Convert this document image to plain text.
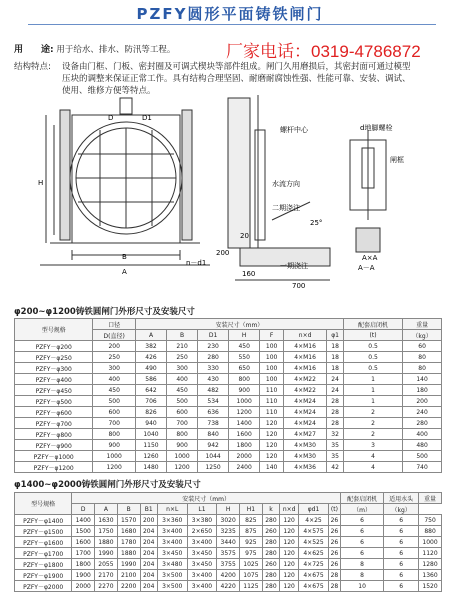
PZFY圆形平面铸铁闸门
用　　途: 用于给水、排水、防汛等工程。	厂家电话：0319-4786872
结构特点: 设备由门框、门板、密封圈及可调式楔块等部件组成。闸门久用磨损后，其密封面可通过模型
压块的调整来保证正常工作。具有结构合理坚固、耐磨耐腐蚀性强、性能可靠、安装、调试、
使用、维修方便等特点。
B
A
H
n－d1
D	D1
螺杆中心
水流方向
二期浇注
一期浇注
25°
20
200
160
700
d地脚螺栓
闸框
A－A
A×A
φ200~φ1200铸铁圆闸门外形尺寸及安装尺寸
型号规格	口径	安装尺寸（mm）							配套启闭机	重量
	D(直径)	A	B	D1	H	F	n×d	φ1	(t)	（kg）
PZFY－φ200	200	382	210	230	450	100	4×M16	18	0.5	60
PZFY－φ250	250	426	250	280	550	100	4×M16	18	0.5	80
PZFY－φ300	300	490	300	330	650	100	4×M16	18	0.5	80
PZFY－φ400	400	586	400	430	800	100	4×M22	24	1	140
PZFY－φ450	450	642	450	482	900	110	4×M22	24	1	180
PZFY－φ500	500	706	500	534	1000	110	4×M24	28	1	200
PZFY－φ600	600	826	600	636	1200	110	4×M24	28	2	240
PZFY－φ700	700	940	700	738	1400	120	4×M24	28	2	280
PZFY－φ800	800	1040	800	840	1600	120	4×M27	32	2	400
PZFY－φ900	900	1150	900	942	1800	120	4×M30	35	3	480
PZFY－φ1000	1000	1260	1000	1044	2000	120	4×M30	35	4	500
PZFY－φ1200	1200	1480	1200	1250	2400	140	4×M36	42	4	740
φ1400~φ2000铸铁圆闸门外形尺寸及安装尺寸
型号规格	安装尺寸（mm）												配套启闭机	适用水头	重量
	D	A	B	B1	n×L	L1	H	H1	k	n×d	φd1	(t)	（m）	（kg）	
PZFY－φ1400	1400	1630	1570	200	3×360	3×380	3020	825	280	120	4×25	26	6	6	750
PZFY－φ1500	1500	1750	1680	204	3×400	2×650	3235	875	260	120	4×575	26	6	6	880
PZFY－φ1600	1600	1880	1780	204	3×400	3×400	3440	925	280	120	4×525	26	6	6	1000
PZFY－φ1700	1700	1990	1880	204	3×450	3×450	3575	975	280	120	4×625	26	6	6	1120
PZFY－φ1800	1800	2055	1990	204	3×480	3×450	3755	1025	260	120	4×725	26	8	6	1280
PZFY－φ1900	1900	2170	2100	204	3×500	3×400	4200	1075	280	120	4×675	28	8	6	1360
PZFY－φ2000	2000	2270	2200	204	3×500	3×400	4220	1125	280	120	4×675	28	10	6	1520
